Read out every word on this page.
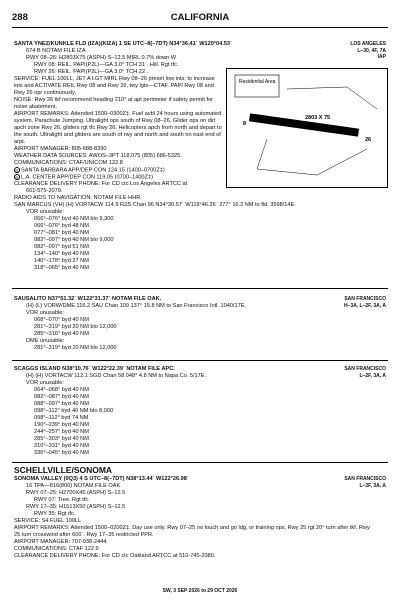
288	CALIFORNIA
LOS ANGELES
L–30, 4F, 7A
IAP
SANTA YNEZ/KUNKLE FLD (IZA)(KIZA) 1 SE UTC–8(–7DT) N34°36.41´ W120°04.53´
674 B NOTAM FILE IZA
RWY 08–26: H2803X75 (ASPH) S–12.5 MIRL 0.7% down W
RWY 08: REIL. PAPI(P2L)—GA 3.0° TCH 31´. Hill. Rgt tfc.
RWY 26: REIL. PAPI(P2L)—GA 3.0° TCH 22´.
SERVICE: FUEL 100LL, JET A LGT MIRL Rwy 08–26 preset low ints; to increase ints and ACTIVATE REIL Rwy 08 and Rwy 26, twy lgts—CTAF. PAPI Rwy 08 and Rwy 26 opr continuously.
NOISE: Rwy 26 tkf recommend heading 210° at apt perimeter if safety permit for noise abatement.
AIRPORT REMARKS: Attended 1500–0300Z‡. Fuel avbl 24 hours using automated system. Parachute Jumping. Ultralight ops south of Rwy 08–26. Glider ops on dirt apch zone Rwy 26, gliders rgt tfc Rwy 26. Helicopters apch from north and depart to the south. Ultralight and gliders are south of rwy and north and south on east end of arpt.
AIRPORT MANAGER: 805-688-8390
WEATHER DATA SOURCES: AWOS–3PT 118.075 (805) 686-5325.
COMMUNICATIONS: CTAF/UNICOM 122.8
R SANTA BARBARA APP/DEP CON 124.15 (1400–0700Z‡)
R L.A. CENTER APP/DEP CON 119.05 (0700–1400Z‡)
CLEARANCE DELIVERY PHONE: For CD ctc Los Angeles ARTCC at
661-575-2079.
RADIO AIDS TO NAVIGATION: NOTAM FILE HHR.
SAN MARCUS (VH) (H) VORTACW 114.9 RZS Chan 96 N34°30.57´ W119°46.26´ 277° 16.2 NM to fld. 3598/14E.
VOR unusable:
066°–076° byd 40 NM blo 9,300´
066°–076° byd 48 NM
077°–081° byd 40 NM
082°–097° byd 40 NM blo 9,000´
082°–097° byd 51 NM
134°–140° byd 40 NM
140°–178° byd 27 NM
318°–065° byd 40 NM
Residential Area
2803 X 75
8
26
SAN FRANCISCO
H–3A, L–2F, 3A, A
SAUSALITO N37°51.32´ W122°31.37´ NOTAM FILE OAK.
(H) (L) VORW/DME 116.2 SAU Chan 109 137° 15.8 NM to San Francisco Intl. 1040/17E.
VOR unusable:
068°–070° byd 40 NM
281°–319° byd 20 NM blo 12,000´
285°–316° byd 40 NM
DME unusable:
281°–319° byd 20 NM blo 12,000´
SAN FRANCISCO
L–2F, 3A, A
SCAGGS ISLAND N38°10.76´ W122°22.39´ NOTAM FILE APC.
(H) (H) VORTACW 112.1 SGD Chan 58 048° 4.8 NM to Napa Co. 5/17E.
VOR unusable:
064°–068° byd 40 NM
082°–087° byd 40 NM
088°–097° byd 40 NM
098°–112° byd 40 NM blo 8,000´
098°–112° byd 74 NM
190°–239° byd 40 NM
244°–257° byd 40 NM
285°–303° byd 40 NM
310°–331° byd 40 NM
336°–045° byd 40 NM
SCHELLVILLE/SONOMA
SAN FRANCISCO
L–2F, 3A, A
SONOMA VALLEY (0Q3) 4 S UTC–8(–7DT) N38°13.44´ W122°26.98´
16 TPA—816(800) NOTAM FILE OAK
RWY 07–25: H2700X45 (ASPH) S–12.5
RWY 07: Tree. Rgt tfc.
RWY 17–35: H1513X50 (ASPH) S–12.5
RWY 35: Rgt tfc.
SERVICE: S4 FUEL 100LL
AIRPORT REMARKS: Attended 1500–0200Z‡. Day use only. Rwy 07–25 no touch and go ldg, or training ops, Rwy 25 rgt 20° turn after tkf. Rwy 25 turn crosswind after 600´. Rwy 17–35 restricted PPR.
AIRPORT MANAGER: 707-938-2444
COMMUNICATIONS: CTAF 122.9
CLEARANCE DELIVERY PHONE: For CD ctc Oakland ARTCC at 510-745-3380.
SW, 3 SEP 2026 to 29 OCT 2026
